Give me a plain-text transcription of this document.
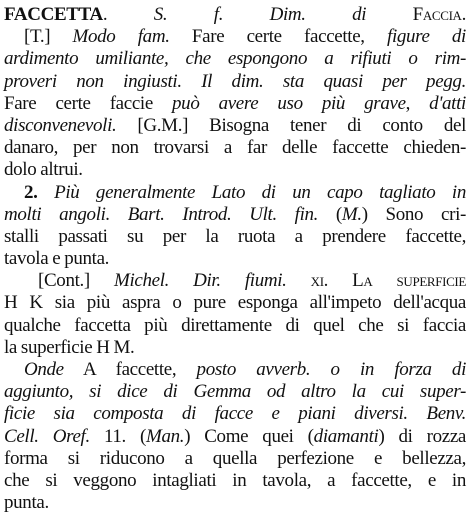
FACCETTA. S. f. Dim. di Faccia.
[T.] Modo fam. Fare certe faccette, figure di
ardimento umiliante, che espongono a rifiuti o rim-
proveri non ingiusti. Il dim. sta quasi per pegg.
Fare certe faccie può avere uso più grave, d'atti
disconvenevoli. [G.M.] Bisogna tener di conto del
danaro, per non trovarsi a far delle faccette chieden-
dolo altrui.
2. Più generalmente Lato di un capo tagliato in
molti angoli. Bart. Introd. Ult. fin. (M.) Sono cri-
stalli passati su per la ruota a prendere faccette,
tavola e punta.
[Cont.] Michel. Dir. fiumi. xi. La superficie
H K sia più aspra o pure esponga all'impeto dell'acqua
qualche faccetta più direttamente di quel che si faccia
la superficie H M.
Onde A faccette, posto avverb. o in forza di
aggiunto, si dice di Gemma od altro la cui super-
ficie sia composta di facce e piani diversi. Benv.
Cell. Oref. 11. (Man.) Come quei (diamanti) di rozza
forma si riducono a quella perfezione e bellezza,
che si veggono intagliati in tavola, a faccette, e in
punta.
